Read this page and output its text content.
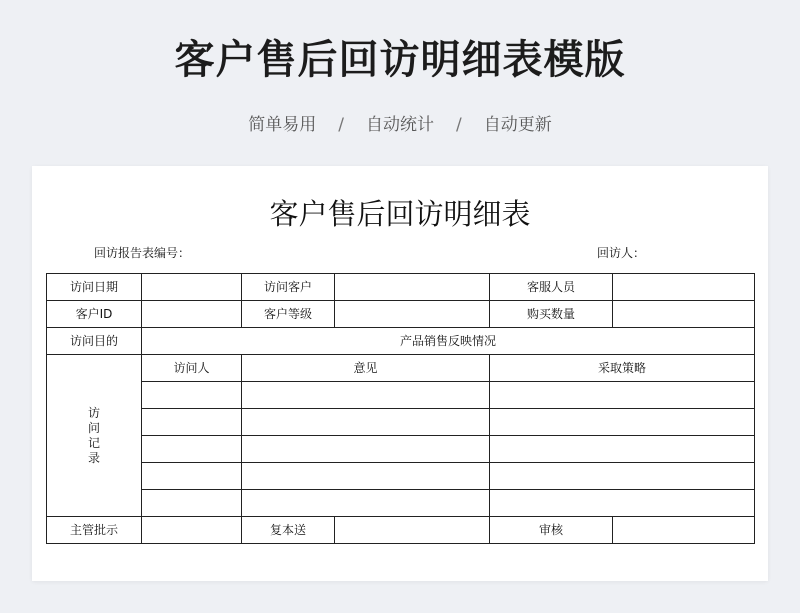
客户售后回访明细表模版
简单易用 / 自动统计 / 自动更新
客户售后回访明细表
回访报告表编号：	回访人：
访问日期		访问客户		客服人员	
客户ID		客户等级		购买数量	
访问目的	产品销售反映情况				
访问记录	访问人	意见		采取策略	

主管批示		复本送		审核	
